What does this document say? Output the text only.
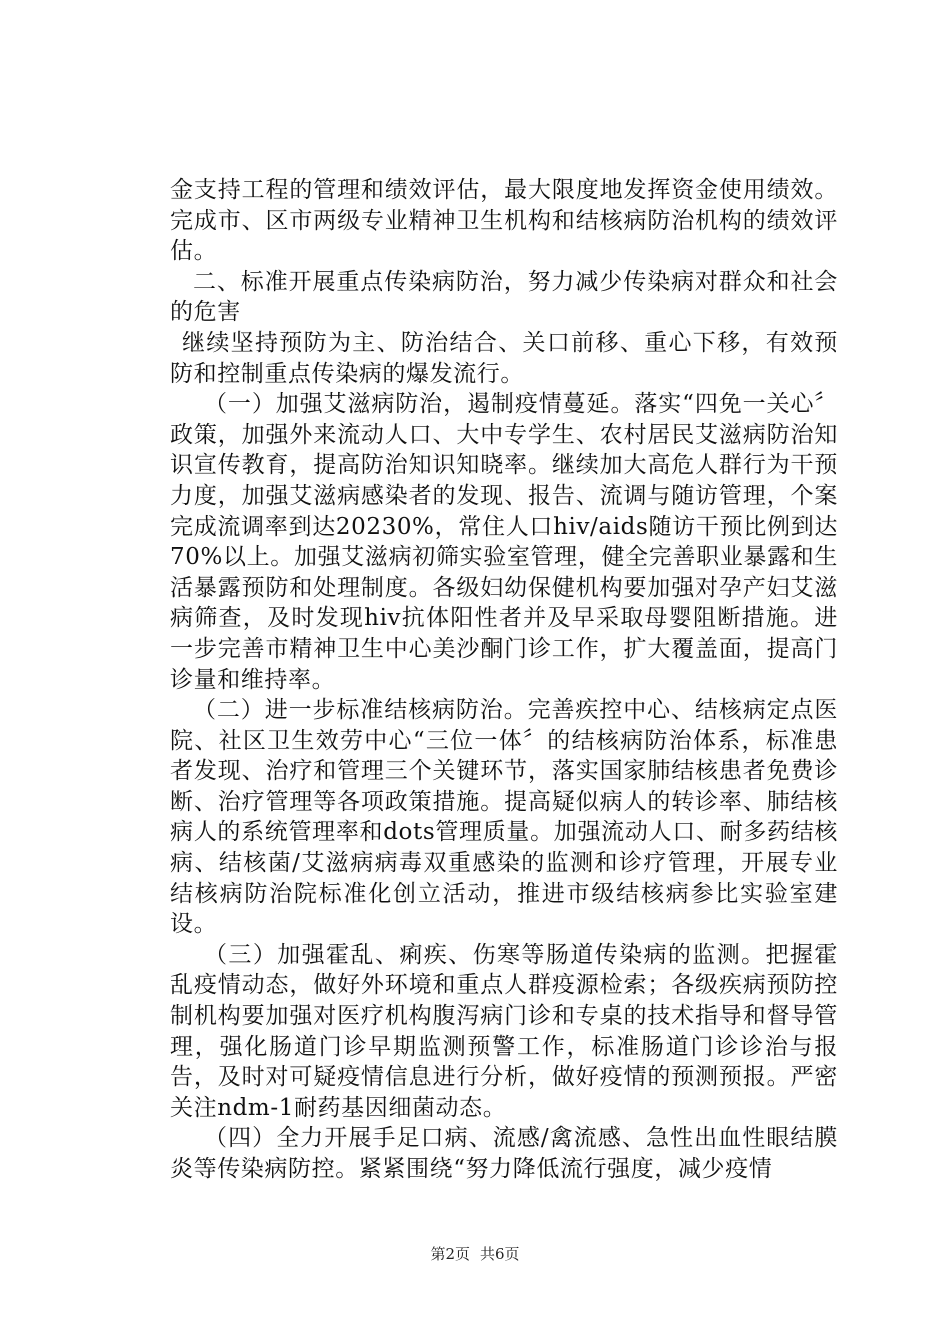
金支持工程的管理和绩效评估，最大限度地发挥资金使用绩效。完成市、区市两级专业精神卫生机构和结核病防治机构的绩效评估。

二、标准开展重点传染病防治，努力减少传染病对群众和社会的危害

继续坚持预防为主、防治结合、关口前移、重心下移，有效预防和控制重点传染病的爆发流行。

（一）加强艾滋病防治，遏制疫情蔓延。落实“四免一关心〞政策，加强外来流动人口、大中专学生、农村居民艾滋病防治知识宣传教育，提高防治知识知晓率。继续加大高危人群行为干预力度，加强艾滋病感染者的发现、报告、流调与随访管理，个案完成流调率到达20230%，常住人口hiv/aids随访干预比例到达70%以上。加强艾滋病初筛实验室管理，健全完善职业暴露和生活暴露预防和处理制度。各级妇幼保健机构要加强对孕产妇艾滋病筛查，及时发现hiv抗体阳性者并及早采取母婴阻断措施。进一步完善市精神卫生中心美沙酮门诊工作，扩大覆盖面，提高门诊量和维持率。

（二）进一步标准结核病防治。完善疾控中心、结核病定点医院、社区卫生效劳中心“三位一体〞的结核病防治体系，标准患者发现、治疗和管理三个关键环节，落实国家肺结核患者免费诊断、治疗管理等各项政策措施。提高疑似病人的转诊率、肺结核病人的系统管理率和dots管理质量。加强流动人口、耐多药结核病、结核菌/艾滋病病毒双重感染的监测和诊疗管理，开展专业结核病防治院标准化创立活动，推进市级结核病参比实验室建设。

（三）加强霍乱、痢疾、伤寒等肠道传染病的监测。把握霍乱疫情动态，做好外环境和重点人群疫源检索；各级疾病预防控制机构要加强对医疗机构腹泻病门诊和专桌的技术指导和督导管理，强化肠道门诊早期监测预警工作，标准肠道门诊诊治与报告，及时对可疑疫情信息进行分析，做好疫情的预测预报。严密关注ndm-1耐药基因细菌动态。

（四）全力开展手足口病、流感/禽流感、急性出血性眼结膜炎等传染病防控。紧紧围绕“努力降低流行强度，减少疫情

第2页 共6页
